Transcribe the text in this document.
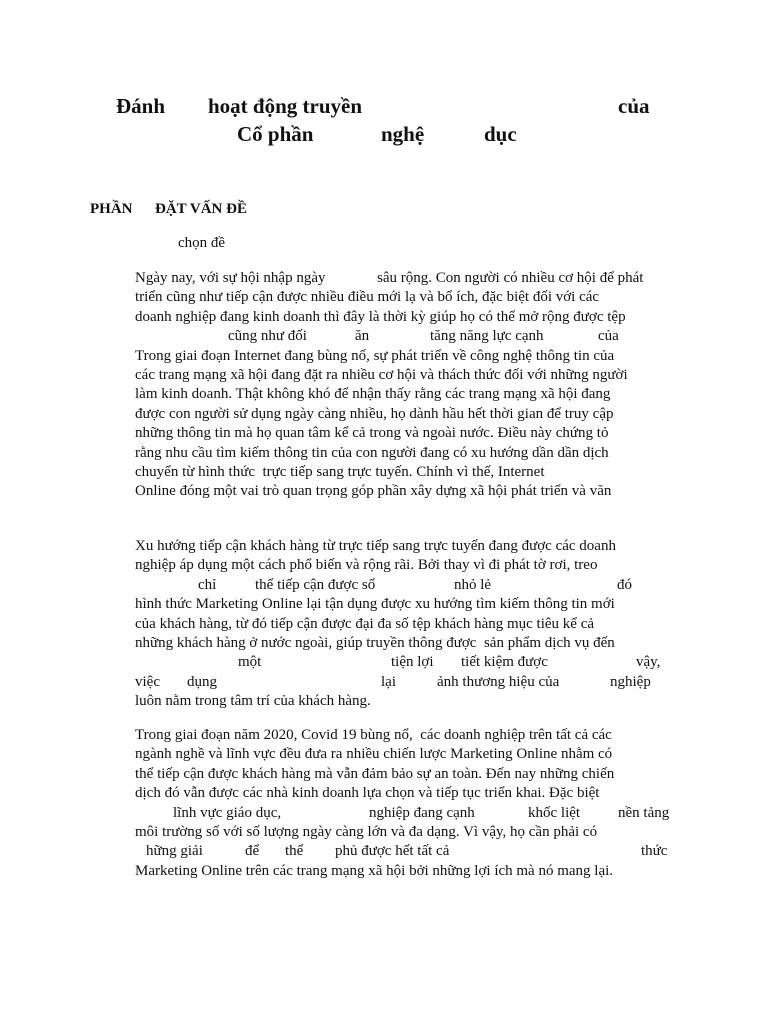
Đánh hoạt động truyền	của
Cổ phần	nghệ	dục
PHẦN ĐẶT VẤN ĐỀ
chọn đề

Ngày nay, với sự hội nhập ngày

	sâu rộng. Con người có nhiều cơ hội để phát

triển cũng như tiếp cận được nhiều điều mới lạ và bổ ích, đặc biệt đối với các
doanh nghiệp đang kinh doanh thì đây là thời kỳ giúp họ có thể mở rộng được tệp

cũng như đối

	ăn

	tăng năng lực cạnh

	của

Trong giai đoạn Internet đang bùng nổ, sự phát triển về công nghệ thông tin của
các trang mạng xã hội đang đặt ra nhiều cơ hội và thách thức đối với những người
làm kinh doanh. Thật không khó để nhận thấy rằng các trang mạng xã hội đang
được con người sử dụng ngày càng nhiều, họ dành hầu hết thời gian để truy cập
những thông tin mà họ quan tâm kể cả trong và ngoài nước. Điều này chứng tỏ
rằng nhu cầu tìm kiếm thông tin của con người đang có xu hướng dần dần dịch
chuyển từ hình thức  trực tiếp sang trực tuyến. Chính vì thế, Internet
Online đóng một vai trò quan trọng góp phần xây dựng xã hội phát triển và văn
Xu hướng tiếp cận khách hàng từ trực tiếp sang trực tuyến đang được các doanh
nghiệp áp dụng một cách phổ biến và rộng rãi. Bởi thay vì đi phát tờ rơi, treo

chỉ

	thể tiếp cận được số

	nhỏ lẻ

	đó

hình thức Marketing Online lại tận dụng được xu hướng tìm kiếm thông tin mới
của khách hàng, từ đó tiếp cận được đại đa số tệp khách hàng mục tiêu kể cả
những khách hàng ở nước ngoài, giúp truyền thông được  sản phẩm dịch vụ đến

một

	tiện lợi

tiết kiệm được

	vậy,

việc

dụng

	lại

	ảnh thương hiệu của

	nghiệp

luôn nằm trong tâm trí của khách hàng.
Trong giai đoạn năm 2020, Covid 19 bùng nổ,  các doanh nghiệp trên tất cả các
ngành nghề và lĩnh vực đều đưa ra nhiều chiến lược Marketing Online nhằm có
thể tiếp cận được khách hàng mà vẫn đảm bảo sự an toàn. Đến nay những chiến
dịch đó vẫn được các nhà kinh doanh lựa chọn và tiếp tục triển khai. Đặc biệt

lĩnh vực giáo dục,

	nghiệp đang cạnh

	khốc liệt

	nền tảng

môi trường số với số lượng ngày càng lớn và đa dạng. Vì vậy, họ cần phải có

hững giải

	để

thể

phủ được hết tất cả

	thức

Marketing Online trên các trang mạng xã hội bởi những lợi ích mà nó mang lại.
